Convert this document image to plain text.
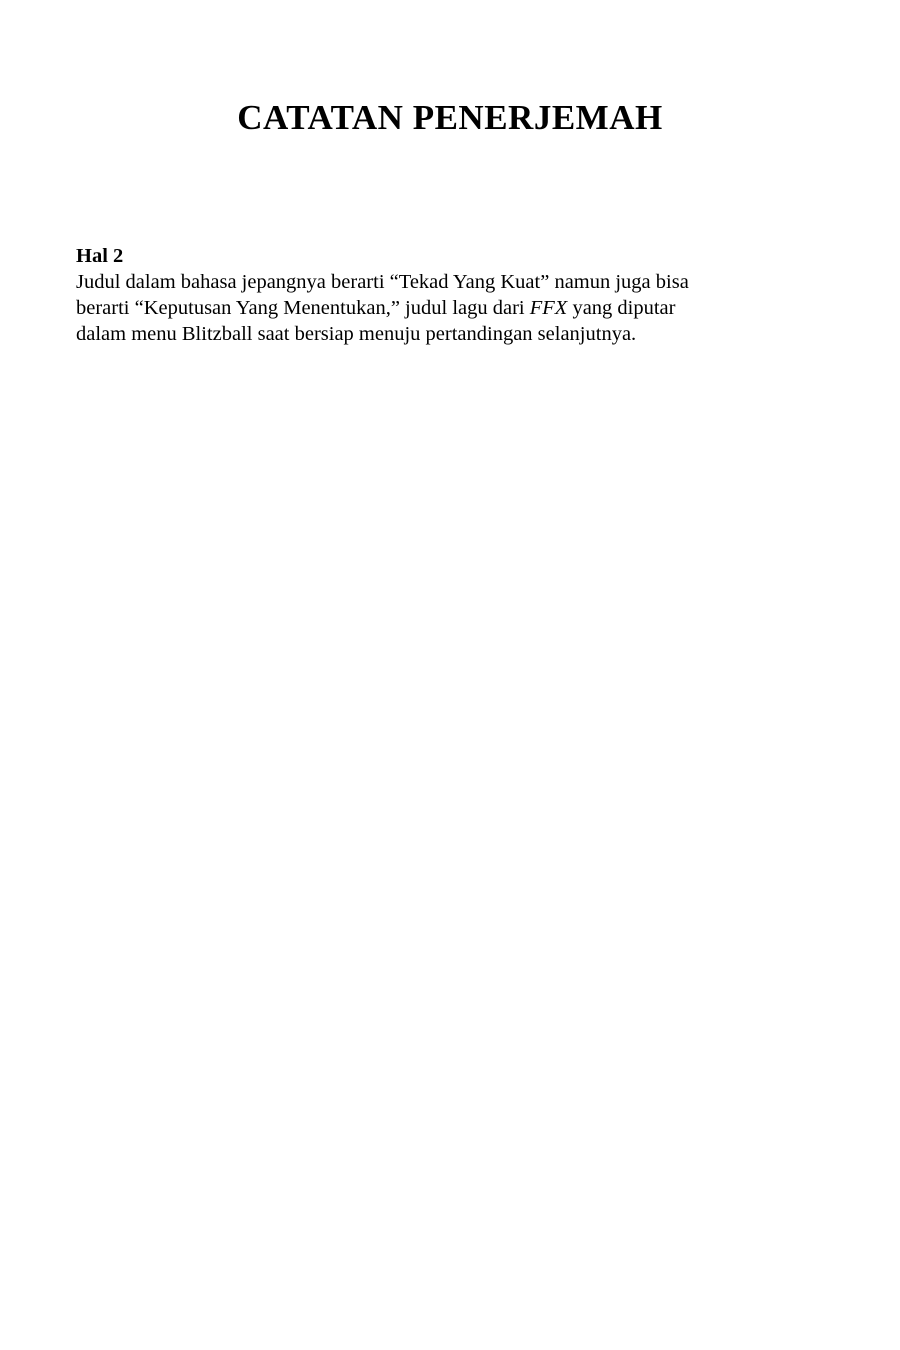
CATATAN PENERJEMAH
Hal 2

Judul dalam bahasa jepangnya berarti “Tekad Yang Kuat” namun juga bisa

berarti “Keputusan Yang Menentukan,” judul lagu dari FFX yang diputar

dalam menu Blitzball saat bersiap menuju pertandingan selanjutnya.
